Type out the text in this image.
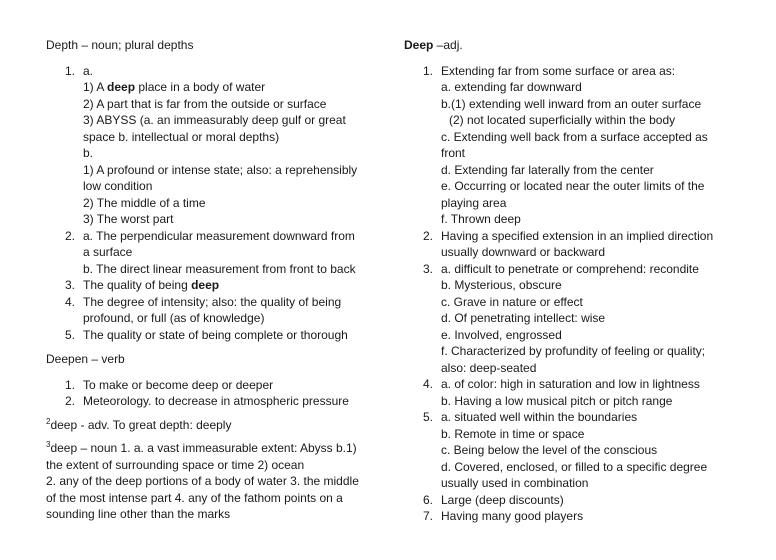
Depth – noun; plural depths
1. a.
1) A deep place in a body of water
2) A part that is far from the outside or surface
3) ABYSS (a. an immeasurably deep gulf or great
space b. intellectual or moral depths)
b.
1) A profound or intense state; also: a reprehensibly
low condition
2) The middle of a time
3) The worst part
2. a. The perpendicular measurement downward from
a surface
b. The direct linear measurement from front to back
3. The quality of being deep
4. The degree of intensity; also: the quality of being
profound, or full (as of knowledge)
5. The quality or state of being complete or thorough
Deepen – verb
1. To make or become deep or deeper
2. Meteorology. to decrease in atmospheric pressure
$^2$deep - adv. To great depth: deeply
$^3$deep – noun 1. a. a vast immeasurable extent: Abyss b.1)
the extent of surrounding space or time 2) ocean
2. any of the deep portions of a body of water 3. the middle
of the most intense part 4. any of the fathom points on a
sounding line other than the marks
Deep –adj.
1. Extending far from some surface or area as:
a. extending far downward
b.(1) extending well inward from an outer surface
(2) not located superficially within the body
c. Extending well back from a surface accepted as
front
d. Extending far laterally from the center
e. Occurring or located near the outer limits of the
playing area
f. Thrown deep
2. Having a specified extension in an implied direction
usually downward or backward
3. a. difficult to penetrate or comprehend: recondite
b. Mysterious, obscure
c. Grave in nature or effect
d. Of penetrating intellect: wise
e. Involved, engrossed
f. Characterized by profundity of feeling or quality;
also: deep-seated
4. a. of color: high in saturation and low in lightness
b. Having a low musical pitch or pitch range
5. a. situated well within the boundaries
b. Remote in time or space
c. Being below the level of the conscious
d. Covered, enclosed, or filled to a specific degree
usually used in combination
6. Large (deep discounts)
7. Having many good players
